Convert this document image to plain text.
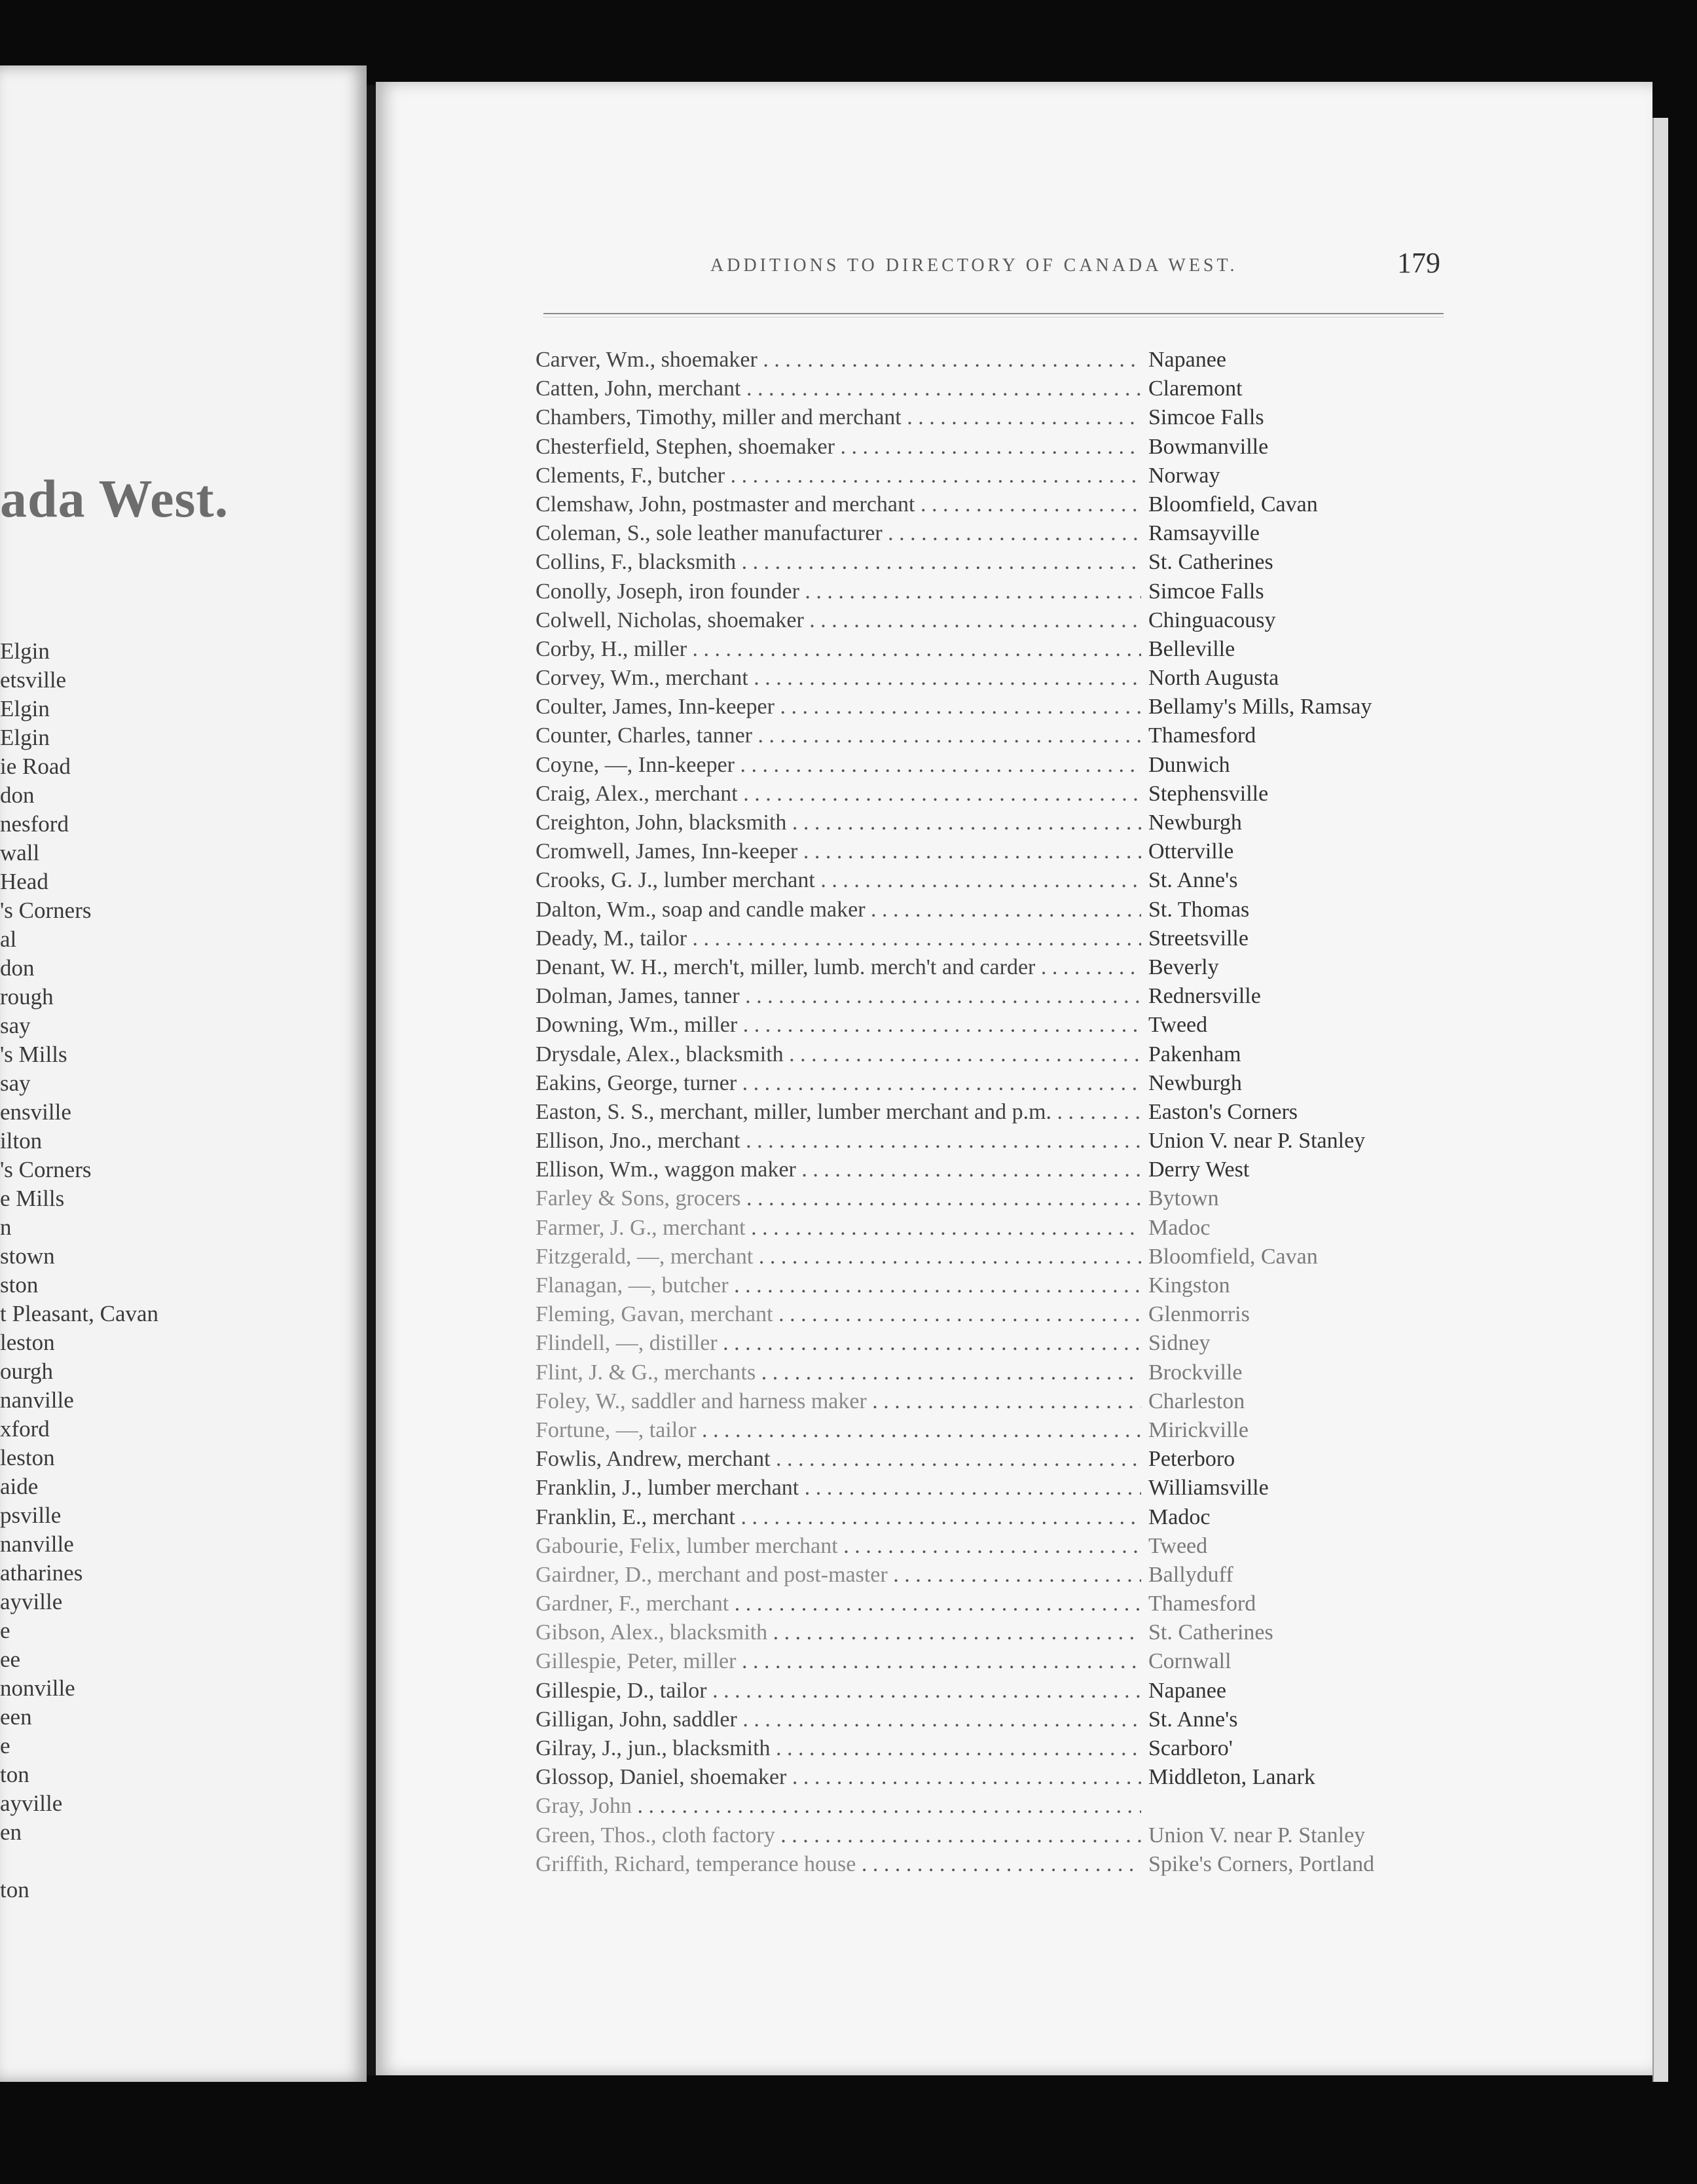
ada West.
Elgin
etsville
Elgin
Elgin
ie Road
don
nesford
wall
Head
's Corners
al
don
rough
say
's Mills
say
ensville
ilton
's Corners
e Mills
n
stown
ston
t Pleasant, Cavan
leston
ourgh
nanville
xford
leston
aide
psville
nanville
atharines
ayville
e
ee
nonville
een
e
ton
ayville
en
ton
ADDITIONS TO DIRECTORY OF CANADA WEST.	179
Carver, Wm., shoemaker . . .	Napanee
Catten, John, merchant . . .	Claremont
Chambers, Timothy, miller and merchant . . .	Simcoe Falls
Chesterfield, Stephen, shoemaker . . .	Bowmanville
Clements, F., butcher . . .	Norway
Clemshaw, John, postmaster and merchant . . .	Bloomfield, Cavan
Coleman, S., sole leather manufacturer . . .	Ramsayville
Collins, F., blacksmith . . .	St. Catherines
Conolly, Joseph, iron founder . . .	Simcoe Falls
Colwell, Nicholas, shoemaker . . .	Chinguacousy
Corby, H., miller . . .	Belleville
Corvey, Wm., merchant . . .	North Augusta
Coulter, James, Inn-keeper . . .	Bellamy's Mills, Ramsay
Counter, Charles, tanner . . .	Thamesford
Coyne, —, Inn-keeper . . .	Dunwich
Craig, Alex., merchant . . .	Stephensville
Creighton, John, blacksmith . . .	Newburgh
Cromwell, James, Inn-keeper . . .	Otterville
Crooks, G. J., lumber merchant . . .	St. Anne's
Dalton, Wm., soap and candle maker . . .	St. Thomas
Deady, M., tailor . . .	Streetsville
Denant, W. H., merch't, miller, lumb. merch't and carder . . .	Beverly
Dolman, James, tanner . . .	Rednersville
Downing, Wm., miller . . .	Tweed
Drysdale, Alex., blacksmith . . .	Pakenham
Eakins, George, turner . . .	Newburgh
Easton, S. S., merchant, miller, lumber merchant and p.m. . . .	Easton's Corners
Ellison, Jno., merchant . . .	Union V. near P. Stanley
Ellison, Wm., waggon maker . . .	Derry West
Farley & Sons, grocers . . .	Bytown
Farmer, J. G., merchant . . .	Madoc
Fitzgerald, —, merchant . . .	Bloomfield, Cavan
Flanagan, —, butcher . . .	Kingston
Fleming, Gavan, merchant . . .	Glenmorris
Flindell, —, distiller . . .	Sidney
Flint, J. & G., merchants . . .	Brockville
Foley, W., saddler and harness maker . . .	Charleston
Fortune, —, tailor . . .	Mirickville
Fowlis, Andrew, merchant . . .	Peterboro
Franklin, J., lumber merchant . . .	Williamsville
Franklin, E., merchant . . .	Madoc
Gabourie, Felix, lumber merchant . . .	Tweed
Gairdner, D., merchant and post-master . . .	Ballyduff
Gardner, F., merchant . . .	Thamesford
Gibson, Alex., blacksmith . . .	St. Catherines
Gillespie, Peter, miller . . .	Cornwall
Gillespie, D., tailor . . .	Napanee
Gilligan, John, saddler . . .	St. Anne's
Gilray, J., jun., blacksmith . . .	Scarboro'
Glossop, Daniel, shoemaker . . .	Middleton, Lanark
Gray, John . . .
Green, Thos., cloth factory . . .	Union V. near P. Stanley
Griffith, Richard, temperance house . . .	Spike's Corners, Portland
